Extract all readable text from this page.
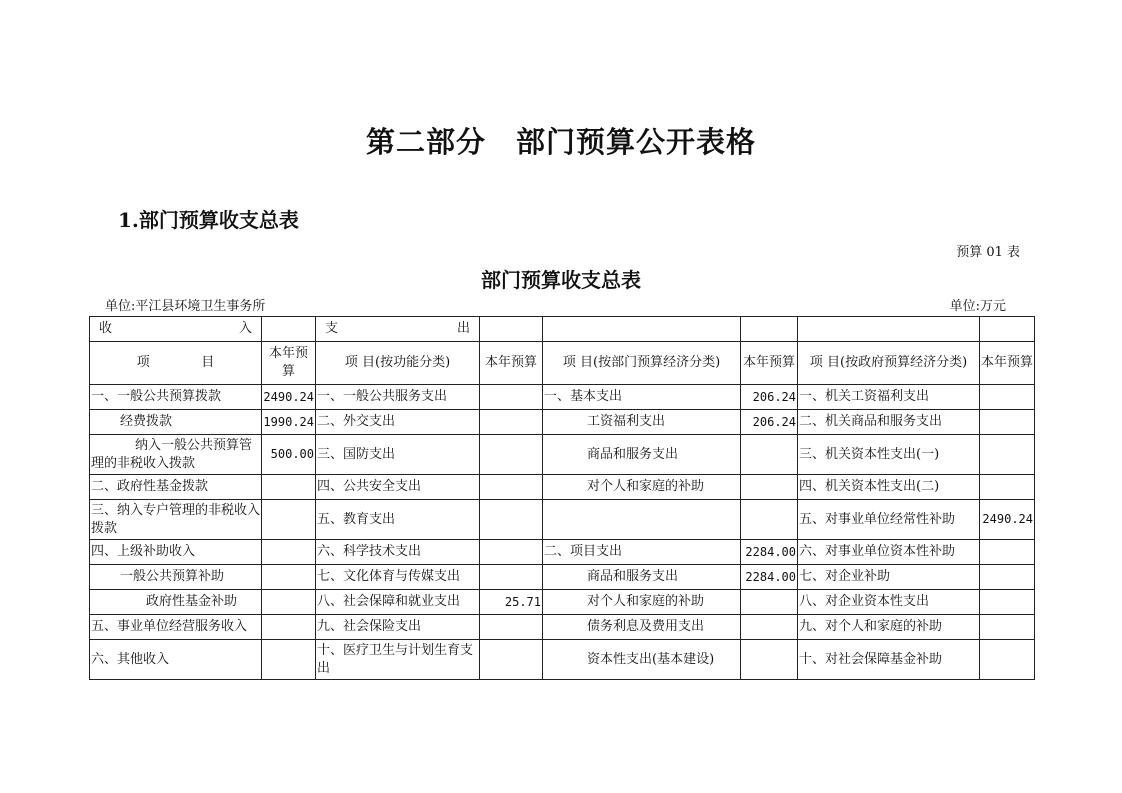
第二部分 部门预算公开表格
1.部门预算收支总表
预算 01 表
部门预算收支总表
单位:平江县环境卫生事务所	单位:万元
收 入		支 出					

项 目	本年预算	项 目(按功能分类)	本年预算	项 目(按部门预算经济分类)	本年预算	项 目(按政府预算经济分类)	本年预算
一、一般公共预算拨款	2490.24	一、一般公共服务支出		一、基本支出	206.24	一、机关工资福利支出	
经费拨款	1990.24	二、外交支出		工资福利支出	206.24	二、机关商品和服务支出	
纳入一般公共预算管理的非税收入拨款	500.00	三、国防支出		商品和服务支出		三、机关资本性支出(一)	
二、政府性基金拨款		四、公共安全支出		对个人和家庭的补助		四、机关资本性支出(二)	
三、纳入专户管理的非税收入拨款		五、教育支出				五、对事业单位经常性补助	2490.24
四、上级补助收入		六、科学技术支出		二、项目支出	2284.00	六、对事业单位资本性补助	
一般公共预算补助		七、文化体育与传媒支出		商品和服务支出	2284.00	七、对企业补助	
政府性基金补助		八、社会保障和就业支出	25.71	对个人和家庭的补助		八、对企业资本性支出	
五、事业单位经营服务收入		九、社会保险支出		债务利息及费用支出		九、对个人和家庭的补助	
六、其他收入		十、医疗卫生与计划生育支出		资本性支出(基本建设)		十、对社会保障基金补助	
